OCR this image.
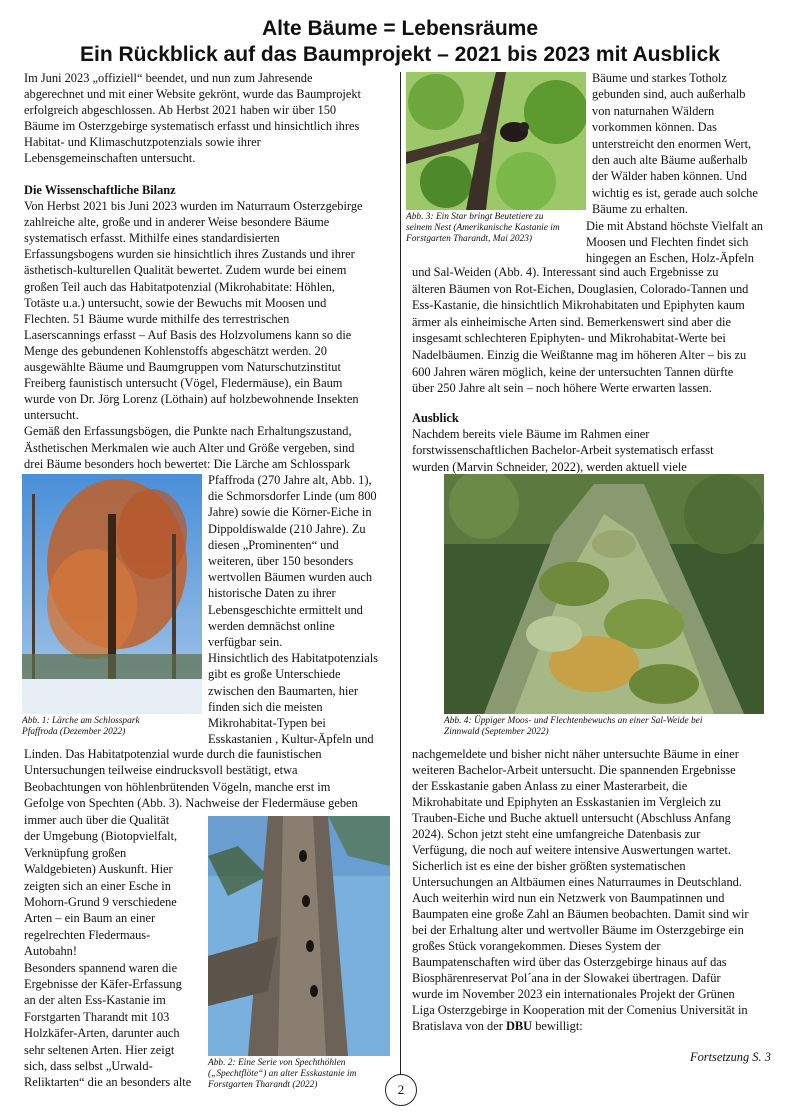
Alte Bäume = Lebensräume
Ein Rückblick auf das Baumprojekt – 2021 bis 2023 mit Ausblick
Im Juni 2023 „offiziell“ beendet, und nun zum Jahresende
abgerechnet und mit einer Website gekrönt, wurde das Baumprojekt
erfolgreich abgeschlossen. Ab Herbst 2021 haben wir über 150
Bäume im Osterzgebirge systematisch erfasst und hinsichtlich ihres
Habitat- und Klimaschutzpotenzials sowie ihrer
Lebensgemeinschaften untersucht.
Die Wissenschaftliche Bilanz
Von Herbst 2021 bis Juni 2023 wurden im Naturraum Osterzgebirge
zahlreiche alte, große und in anderer Weise besondere Bäume
systematisch erfasst. Mithilfe eines standardisierten
Erfassungsbogens wurden sie hinsichtlich ihres Zustands und ihrer
ästhetisch-kulturellen Qualität bewertet. Zudem wurde bei einem
großen Teil auch das Habitatpotenzial (Mikrohabitate: Höhlen,
Totäste u.a.) untersucht, sowie der Bewuchs mit Moosen und
Flechten. 51 Bäume wurde mithilfe des terrestrischen
Laserscannings erfasst – Auf Basis des Holzvolumens kann so die
Menge des gebundenen Kohlenstoffs abgeschätzt werden. 20
ausgewählte Bäume und Baumgruppen vom Naturschutzinstitut
Freiberg faunistisch untersucht (Vögel, Fledermäuse), ein Baum
wurde von Dr. Jörg Lorenz (Löthain) auf holzbewohnende Insekten
untersucht.
Gemäß den Erfassungsbögen, die Punkte nach Erhaltungszustand,
Ästhetischen Merkmalen wie auch Alter und Größe vergeben, sind
drei Bäume besonders hoch bewertet: Die Lärche am Schlosspark
Pfaffroda (270 Jahre alt, Abb. 1),
die Schmorsdorfer Linde (um 800
Jahre) sowie die Körner-Eiche in
Dippoldiswalde (210 Jahre). Zu
diesen „Prominenten“ und
weiteren, über 150 besonders
wertvollen Bäumen wurden auch
historische Daten zu ihrer
Lebensgeschichte ermittelt und
werden demnächst online
verfügbar sein.
Hinsichtlich des Habitatpotenzials
gibt es große Unterschiede
zwischen den Baumarten, hier
finden sich die meisten
Mikrohabitat-Typen bei
Esskastanien , Kultur-Äpfeln und
Linden. Das Habitatpotenzial wurde durch die faunistischen
Untersuchungen teilweise eindrucksvoll bestätigt, etwa
Beobachtungen von höhlenbrütenden Vögeln, manche erst im
Gefolge von Spechten (Abb. 3). Nachweise der Fledermäuse geben
immer auch über die Qualität
der Umgebung (Biotopvielfalt,
Verknüpfung großen
Waldgebieten) Auskunft. Hier
zeigten sich an einer Esche in
Mohorn-Grund 9 verschiedene
Arten – ein Baum an einer
regelrechten Fledermaus-
Autobahn!
Besonders spannend waren die
Ergebnisse der Käfer-Erfassung
an der alten Ess-Kastanie im
Forstgarten Tharandt mit 103
Holzkäfer-Arten, darunter auch
sehr seltenen Arten. Hier zeigt
sich, dass selbst „Urwald-
Reliktarten“ die an besonders alte
Bäume und starkes Totholz
gebunden sind, auch außerhalb
von naturnahen Wäldern
vorkommen können. Das
unterstreicht den enormen Wert,
den auch alte Bäume außerhalb
der Wälder haben können. Und
wichtig es ist, gerade auch solche
Bäume zu erhalten.
Die mit Abstand höchste Vielfalt an
Moosen und Flechten findet sich
hingegen an Eschen, Holz-Äpfeln
und Sal-Weiden (Abb. 4). Interessant sind auch Ergebnisse zu
älteren Bäumen von Rot-Eichen, Douglasien, Colorado-Tannen und
Ess-Kastanie, die hinsichtlich Mikrohabitaten und Epiphyten kaum
ärmer als einheimische Arten sind. Bemerkenswert sind aber die
insgesamt schlechteren Epiphyten- und Mikrohabitat-Werte bei
Nadelbäumen. Einzig die Weißtanne mag im höheren Alter – bis zu
600 Jahren wären möglich, keine der untersuchten Tannen dürfte
über 250 Jahre alt sein – noch höhere Werte erwarten lassen.
Ausblick
Nachdem bereits viele Bäume im Rahmen einer
forstwissenschaftlichen Bachelor-Arbeit systematisch erfasst
wurden (Marvin Schneider, 2022), werden aktuell viele
nachgemeldete und bisher nicht näher untersuchte Bäume in einer
weiteren Bachelor-Arbeit untersucht. Die spannenden Ergebnisse
der Esskastanie gaben Anlass zu einer Masterarbeit, die
Mikrohabitate und Epiphyten an Esskastanien im Vergleich zu
Trauben-Eiche und Buche aktuell untersucht (Abschluss Anfang
2024). Schon jetzt steht eine umfangreiche Datenbasis zur
Verfügung, die noch auf weitere intensive Auswertungen wartet.
Sicherlich ist es eine der bisher größten systematischen
Untersuchungen an Altbäumen eines Naturraumes in Deutschland.
Auch weiterhin wird nun ein Netzwerk von Baumpatinnen und
Baumpaten eine große Zahl an Bäumen beobachten. Damit sind wir
bei der Erhaltung alter und wertvoller Bäume im Osterzgebirge ein
großes Stück vorangekommen. Dieses System der
Baumpatenschaften wird über das Osterzgebirge hinaus auf das
Biosphärenreservat Pol´ana in der Slowakei übertragen. Dafür
wurde im November 2023 ein internationales Projekt der Grünen
Liga Osterzgebirge in Kooperation mit der Comenius Universität in
Bratislava von der DBU bewilligt:
Abb. 1: Lärche am Schlosspark
Pfaffroda (Dezember 2022)
Abb. 2: Eine Serie von Spechthöhlen
(„Spechtflöte“) an alter Esskastanie im
Forstgarten Tharandt (2022)
Abb. 3: Ein Star bringt Beutetiere zu
seinem Nest (Amerikanische Kastanie im
Forstgarten Tharandt, Mai 2023)
Abb. 4: Üppiger Moos- und Flechtenbewuchs an einer Sal-Weide bei
Zinnwald (September 2022)
Fortsetzung S. 3
2
